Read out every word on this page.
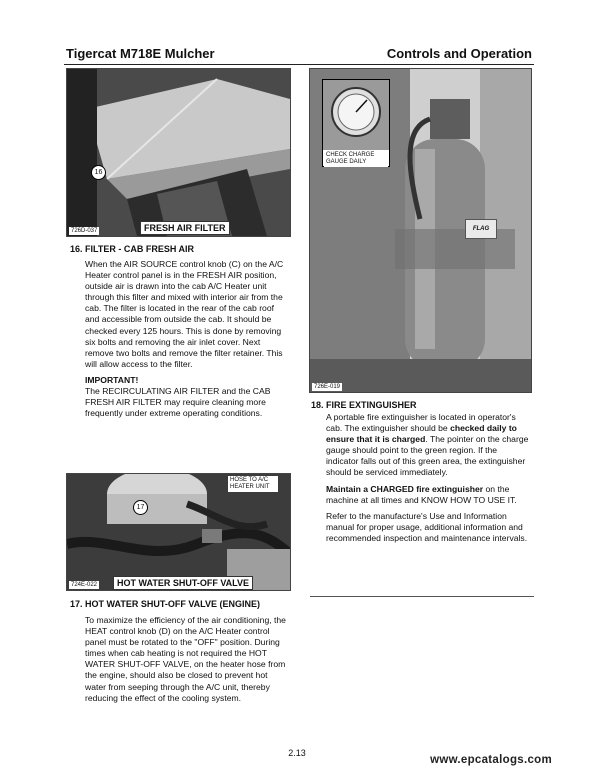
Tigercat M718E Mulcher	Controls and Operation
16
726D-037	FRESH AIR FILTER
16. FILTER - CAB FRESH AIR

When the AIR SOURCE control knob (C) on the A/C Heater control panel is in the FRESH AIR position, outside air is drawn into the cab A/C Heater unit through this filter and mixed with interior air from the cab. The filter is located in the rear of the cab roof and accessible from outside the cab. It should be checked every 125 hours. This is done by removing six bolts and removing the air inlet cover. Next remove two bolts and remove the filter retainer. This will allow access to the filter.

IMPORTANT!

The RECIRCULATING AIR FILTER and the CAB FRESH AIR FILTER may require cleaning more frequently under extreme operating conditions.

17
HOSE TO A/C HEATER UNIT
724E-022	HOT WATER SHUT-OFF VALVE
17. HOT WATER SHUT-OFF VALVE (ENGINE)

To maximize the efficiency of the air conditioning, the HEAT control knob (D) on the A/C Heater control panel must be rotated to the "OFF" position. During times when cab heating is not required the HOT WATER SHUT-OFF VALVE, on the heater hose from the engine, should also be closed to prevent hot water from seeping through the A/C unit, thereby reducing the effect of the cooling system.

CHECK CHARGE GAUGE DAILY
FLAG
726E-019
18. FIRE EXTINGUISHER

A portable fire extinguisher is located in operator's cab. The extinguisher should be checked daily to ensure that it is charged. The pointer on the charge gauge should point to the green region. If the indicator falls out of this green area, the extinguisher should be serviced immediately.

Maintain a CHARGED fire extinguisher on the machine at all times and KNOW HOW TO USE IT.

Refer to the manufacture's Use and Information manual for proper usage, additional information and recommended inspection and maintenance intervals.

2.13
www.epcatalogs.com
